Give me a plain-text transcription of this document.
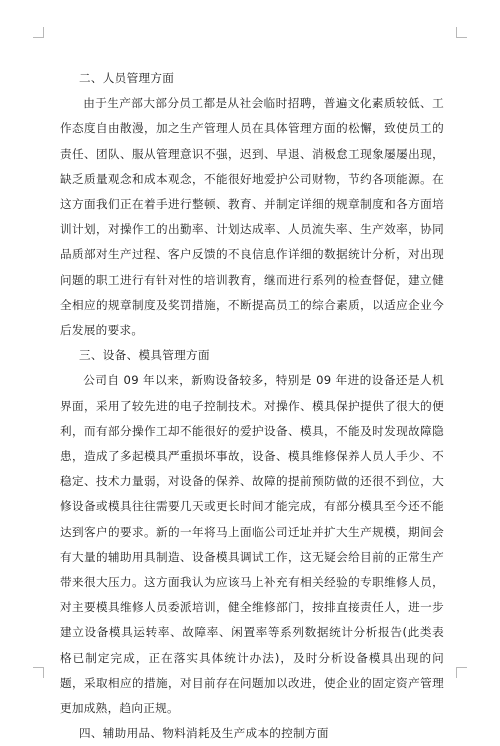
二、人员管理方面

由于生产部大部分员工都是从社会临时招聘，普遍文化素质较低、工作态度自由散漫，加之生产管理人员在具体管理方面的松懈，致使员工的责任、团队、服从管理意识不强，迟到、早退、消极怠工现象屡屡出现，缺乏质量观念和成本观念，不能很好地爱护公司财物，节约各项能源。在这方面我们正在着手进行整顿、教育、并制定详细的规章制度和各方面培训计划，对操作工的出勤率、计划达成率、人员流失率、生产效率，协同品质部对生产过程、客户反馈的不良信息作详细的数据统计分析，对出现问题的职工进行有针对性的培训教育，继而进行系列的检查督促，建立健全相应的规章制度及奖罚措施，不断提高员工的综合素质，以适应企业今后发展的要求。

三、设备、模具管理方面

公司自 09 年以来，新购设备较多，特别是 09 年进的设备还是人机界面，采用了较先进的电子控制技术。对操作、模具保护提供了很大的便利，而有部分操作工却不能很好的爱护设备、模具，不能及时发现故障隐患，造成了多起模具严重损坏事故，设备、模具维修保养人员人手少、不稳定、技术力量弱，对设备的保养、故障的提前预防做的还很不到位，大修设备或模具往往需要几天或更长时间才能完成，有部分模具至今还不能达到客户的要求。新的一年将马上面临公司迁址并扩大生产规模，期间会有大量的辅助用具制造、设备模具调试工作，这无疑会给目前的正常生产带来很大压力。这方面我认为应该马上补充有相关经验的专职维修人员，对主要模具维修人员委派培训，健全维修部门，按排直接责任人，进一步建立设备模具运转率、故障率、闲置率等系列数据统计分析报告(此类表格已制定完成，正在落实具体统计办法)，及时分析设备模具出现的问题，采取相应的措施，对目前存在问题加以改进，使企业的固定资产管理更加成熟，趋向正规。

四、辅助用品、物料消耗及生产成本的控制方面
